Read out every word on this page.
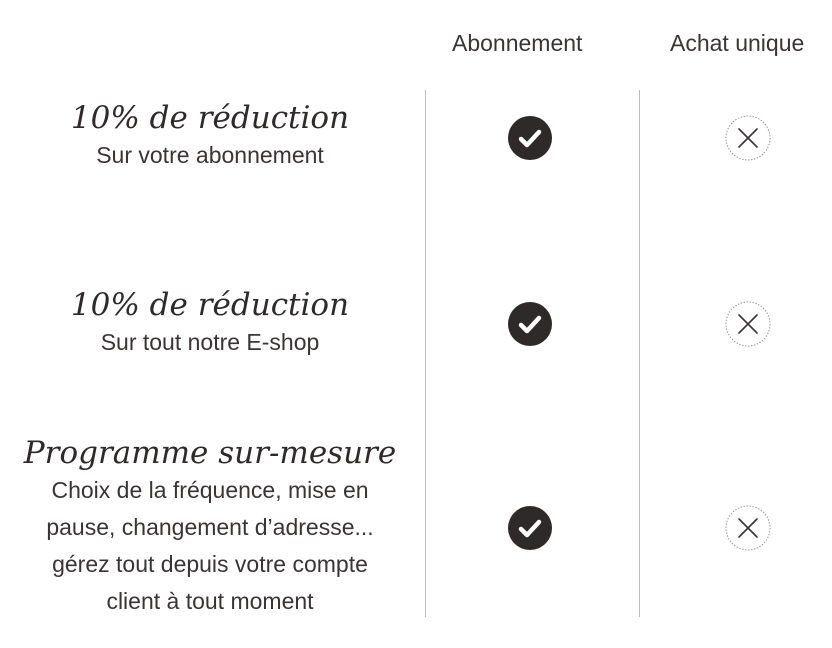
Abonnement	Achat unique
10% de réduction
Sur votre abonnement
10% de réduction
Sur tout notre E-shop
Programme sur-mesure
Choix de la fréquence, mise en
pause, changement d’adresse...
gérez tout depuis votre compte
client à tout moment
